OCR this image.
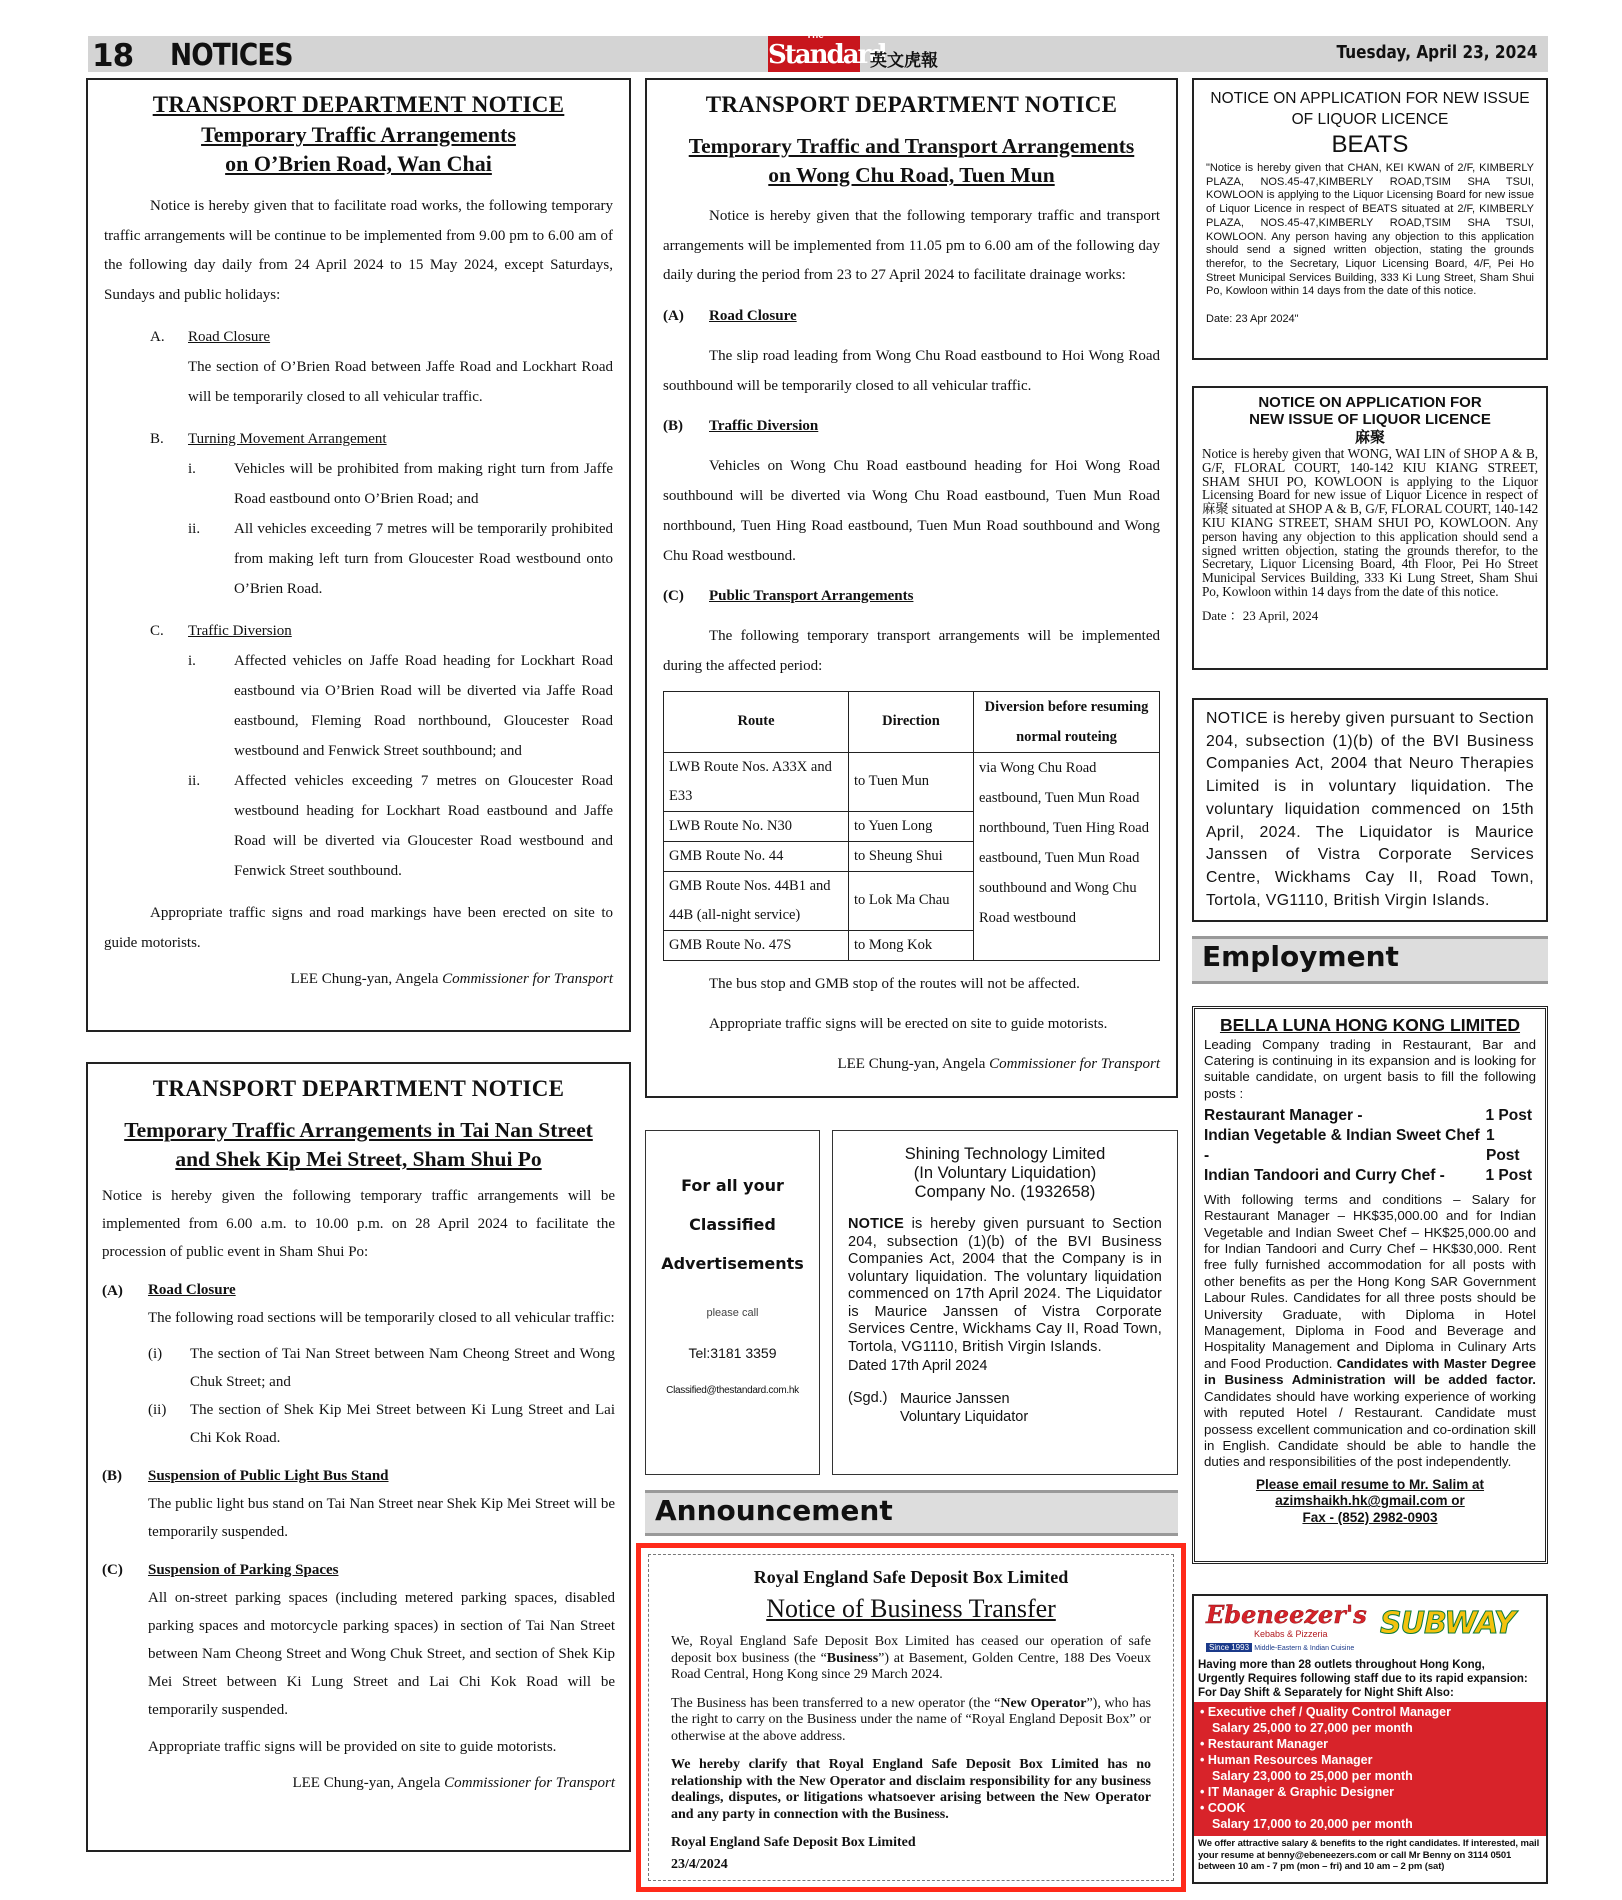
18 NOTICES
The
Standard
英文虎報	Tuesday, April 23, 2024
TRANSPORT DEPARTMENT NOTICE
Temporary Traffic Arrangements
on O’Brien Road, Wan Chai

Notice is hereby given that to facilitate road works, the following temporary traffic arrangements will be continue to be implemented from 9.00 pm to 6.00 am of the following day daily from 24 April 2024 to 15 May 2024, except Saturdays, Sundays and public holidays:

A. Road Closure

The section of O’Brien Road between Jaffe Road and Lockhart Road will be temporarily closed to all vehicular traffic.

B. Turning Movement Arrangement
i.	Vehicles will be prohibited from making right turn from Jaffe Road eastbound onto O’Brien Road; and

ii. All vehicles exceeding 7 metres will be temporarily prohibited from making left turn from Gloucester Road westbound onto O’Brien Road.

C. Traffic Diversion
i.	Affected vehicles on Jaffe Road heading for Lockhart Road eastbound via O’Brien Road will be diverted via Jaffe Road eastbound, Fleming Road northbound, Gloucester Road westbound and Fenwick Street southbound; and

ii. Affected vehicles exceeding 7 metres on Gloucester Road westbound heading for Lockhart Road eastbound and Jaffe Road will be diverted via Gloucester Road westbound and Fenwick Street southbound.

Appropriate traffic signs and road markings have been erected on site to guide motorists.

LEE Chung-yan, Angela Commissioner for Transport

TRANSPORT DEPARTMENT NOTICE
Temporary Traffic and Transport Arrangements
on Wong Chu Road, Tuen Mun

Notice is hereby given that the following temporary traffic and transport arrangements will be implemented from 11.05 pm to 6.00 am of the following day daily during the period from 23 to 27 April 2024 to facilitate drainage works:

(A) Road Closure

The slip road leading from Wong Chu Road eastbound to Hoi Wong Road southbound will be temporarily closed to all vehicular traffic.

(B) Traffic Diversion

Vehicles on Wong Chu Road eastbound heading for Hoi Wong Road southbound will be diverted via Wong Chu Road eastbound, Tuen Mun Road northbound, Tuen Hing Road eastbound, Tuen Mun Road southbound and Wong Chu Road westbound.

(C) Public Transport Arrangements

The following temporary transport arrangements will be implemented during the affected period:

Route	Direction	Diversion before resuming normal routeing
LWB Route Nos. A33X and E33	to Tuen Mun	via Wong Chu Road eastbound, Tuen Mun Road northbound, Tuen Hing Road eastbound, Tuen Mun Road southbound and Wong Chu Road westbound
LWB Route No. N30	to Yuen Long	
GMB Route No. 44	to Sheung Shui	
GMB Route Nos. 44B1 and 44B (all-night service)	to Lok Ma Chau	
GMB Route No. 47S	to Mong Kok	

The bus stop and GMB stop of the routes will not be affected.

Appropriate traffic signs will be erected on site to guide motorists.

LEE Chung-yan, Angela Commissioner for Transport

TRANSPORT DEPARTMENT NOTICE
Temporary Traffic Arrangements in Tai Nan Street
and Shek Kip Mei Street, Sham Shui Po

Notice is hereby given the following temporary traffic arrangements will be implemented from 6.00 a.m. to 10.00 p.m. on 28 April 2024 to facilitate the procession of public event in Sham Shui Po:

(A) Road Closure

The following road sections will be temporarily closed to all vehicular traffic:

(i) The section of Tai Nan Street between Nam Cheong Street and Wong Chuk Street; and

(ii) The section of Shek Kip Mei Street between Ki Lung Street and Lai Chi Kok Road.

(B) Suspension of Public Light Bus Stand

The public light bus stand on Tai Nan Street near Shek Kip Mei Street will be temporarily suspended.

(C) Suspension of Parking Spaces

All on-street parking spaces (including metered parking spaces, disabled parking spaces and motorcycle parking spaces) in section of Tai Nan Street between Nam Cheong Street and Wong Chuk Street, and section of Shek Kip Mei Street between Ki Lung Street and Lai Chi Kok Road will be temporarily suspended.

Appropriate traffic signs will be provided on site to guide motorists.

LEE Chung-yan, Angela Commissioner for Transport

For all your
Classified
Advertisements
please call
Tel:3181 3359
Classified@thestandard.com.hk
Shining Technology Limited
(In Voluntary Liquidation)
Company No. (1932658)

NOTICE is hereby given pursuant to Section 204, subsection (1)(b) of the BVI Business Companies Act, 2004 that the Company is in voluntary liquidation. The voluntary liquidation commenced on 17th April 2024. The Liquidator is Maurice Janssen of Vistra Corporate Services Centre, Wickhams Cay II, Road Town, Tortola, VG1110, British Virgin Islands.

Dated 17th April 2024
(Sgd.) Maurice Janssen
Voluntary Liquidator
Announcement
Royal England Safe Deposit Box Limited
Notice of Business Transfer

We, Royal England Safe Deposit Box Limited has ceased our operation of safe deposit box business (the “Business”) at Basement, Golden Centre, 188 Des Voeux Road Central, Hong Kong since 29 March 2024.

The Business has been transferred to a new operator (the “New Operator”), who has the right to carry on the Business under the name of “Royal England Deposit Box” or otherwise at the above address.

We hereby clarify that Royal England Safe Deposit Box Limited has no relationship with the New Operator and disclaim responsibility for any business dealings, disputes, or litigations whatsoever arising between the New Operator and any party in connection with the Business.

Royal England Safe Deposit Box Limited
23/4/2024
NOTICE ON APPLICATION FOR NEW ISSUE
OF LIQUOR LICENCE
BEATS

"Notice is hereby given that CHAN, KEI KWAN of 2/F, KIMBERLY PLAZA, NOS.45-47,KIMBERLY ROAD,TSIM SHA TSUI, KOWLOON is applying to the Liquor Licensing Board for new issue of Liquor Licence in respect of BEATS situated at 2/F, KIMBERLY PLAZA, NOS.45-47,KIMBERLY ROAD,TSIM SHA TSUI, KOWLOON. Any person having any objection to this application should send a signed written objection, stating the grounds therefor, to the Secretary, Liquor Licensing Board, 4/F, Pei Ho Street Municipal Services Building, 333 Ki Lung Street, Sham Shui Po, Kowloon within 14 days from the date of this notice.

Date: 23 Apr 2024"
NOTICE ON APPLICATION FOR
NEW ISSUE OF LIQUOR LICENCE
麻聚

Notice is hereby given that WONG, WAI LIN of SHOP A & B, G/F, FLORAL COURT, 140-142 KIU KIANG STREET, SHAM SHUI PO, KOWLOON is applying to the Liquor Licensing Board for new issue of Liquor Licence in respect of 麻聚 situated at SHOP A & B, G/F, FLORAL COURT, 140-142 KIU KIANG STREET, SHAM SHUI PO, KOWLOON. Any person having any objection to this application should send a signed written objection, stating the grounds therefor, to the Secretary, Liquor Licensing Board, 4th Floor, Pei Ho Street Municipal Services Building, 333 Ki Lung Street, Sham Shui Po, Kowloon within 14 days from the date of this notice.

Date ：23 April, 2024

NOTICE is hereby given pursuant to Section 204, subsection (1)(b) of the BVI Business Companies Act, 2004 that Neuro Therapies Limited is in voluntary liquidation. The voluntary liquidation commenced on 15th April, 2024. The Liquidator is Maurice Janssen of Vistra Corporate Services Centre, Wickhams Cay II, Road Town, Tortola, VG1110, British Virgin Islands.

Employment
BELLA LUNA HONG KONG LIMITED

Leading Company trading in Restaurant, Bar and Catering is continuing in its expansion and is looking for suitable candidate, on urgent basis to fill the following posts :

Restaurant Manager -	1 Post
Indian Vegetable & Indian Sweet Chef -
1 Post
Indian Tandoori and Curry Chef -	1 Post

With following terms and conditions – Salary for Restaurant Manager – HK$35,000.00 and for Indian Vegetable and Indian Sweet Chef – HK$25,000.00 and for Indian Tandoori and Curry Chef – HK$30,000. Rent free fully furnished accommodation for all posts with other benefits as per the Hong Kong SAR Government Labour Rules. Candidates for all three posts should be University Graduate, with Diploma in Hotel Management, Diploma in Food and Beverage and Hospitality Management and Diploma in Culinary Arts and Food Production. Candidates with Master Degree in Business Administration will be added factor. Candidates should have working experience of working with reputed Hotel / Restaurant. Candidate must possess excellent communication and co-ordination skill in English. Candidate should be able to handle the duties and responsibilities of the post independently.

Please email resume to Mr. Salim at
azimshaikh.hk@gmail.com or
Fax - (852) 2982-0903
Ebeneezer's
Kebabs & Pizzeria
Since 1993 Middle-Eastern & Indian Cuisine
SUBWAY
Having more than 28 outlets throughout Hong Kong,
Urgently Requires following staff due to its rapid expansion:
For Day Shift & Separately for Night Shift Also:
• Executive chef / Quality Control Manager
Salary 25,000 to 27,000 per month
• Restaurant Manager
• Human Resources Manager
Salary 23,000 to 25,000 per month
• IT Manager & Graphic Designer
• COOK
Salary 17,000 to 20,000 per month

We offer attractive salary & benefits to the right candidates. If interested, mail your resume at benny@ebeneezers.com or call Mr Benny on 3114 0501 between 10 am - 7 pm (mon – fri) and 10 am – 2 pm (sat)
